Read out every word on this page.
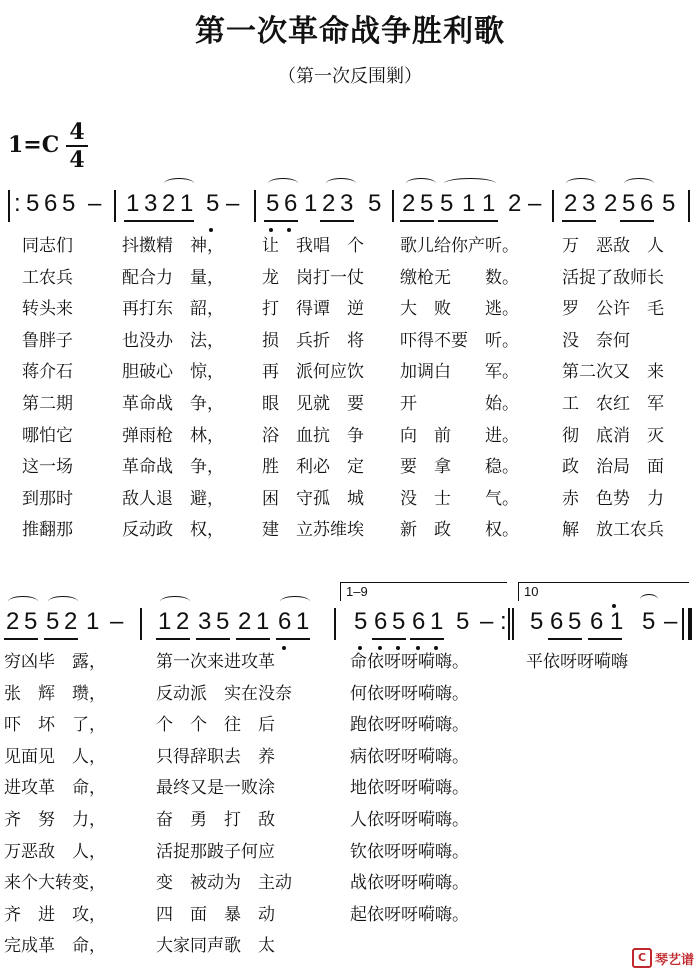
第一次革命战争胜利歌
（第一次反围剿）
1=C 4
4
: 5 6 5 – 1 3 2 1 5 – 5 6 1 2 3 5 2 5 5 1 1 2 – 2 3 2 5 6 5
同志们	抖擞精　神， 让　我唱　个 歌儿给你产听。	万　恶敌　人
工农兵	配合力　量， 龙　岗打一仗 缴枪无　　数。	活捉了敌师长
转头来	再打东　韶， 打　得谭　逆 大　败　　逃。	罗　公许　毛
鲁胖子	也没办　法， 损　兵折　将 吓得不要　听。	没　奈何
蒋介石	胆破心　惊， 再　派何应饮 加调白　　军。	第二次又　来
第二期	革命战　争， 眼　见就　要 开　　　　始。	工　农红　军
哪怕它	弹雨枪　林， 浴　血抗　争 向　前　　进。	彻　底消　灭
这一场	革命战　争， 胜　利必　定 要　拿　　稳。	政　治局　面
到那时	敌人退　避， 困　守孤　城 没　士　　气。	赤　色势　力
推翻那	反动政　权， 建　立苏维埃 新　政　　权。	解　放工农兵
:
2 5 5 2 1 – 1 2 3 5 2 1 6 1 5 6 5 6 1 5 – 5 6 5 6 1 5 –
1–9	10
穷凶毕　露，	第一次来进攻革	命依呀呀嗬嗨。	平依呀呀嗬嗨
张　辉　瓒，	反动派　实在没奈	何依呀呀嗬嗨。
吓　坏　了，	个　个　往　后	跑依呀呀嗬嗨。
见面见　人，	只得辞职去　养	病依呀呀嗬嗨。
进攻革　命，	最终又是一败涂	地依呀呀嗬嗨。
齐　努　力，	奋　勇　打　敌	人依呀呀嗬嗨。
万恶敌　人，	活捉那跛子何应	钦依呀呀嗬嗨。
来个大转变，	变　被动为　主动	战依呀呀嗬嗨。
齐　进　攻，	四　面　暴　动	起依呀呀嗬嗨。
完成革　命，	大家同声歌　太
C 琴艺谱
